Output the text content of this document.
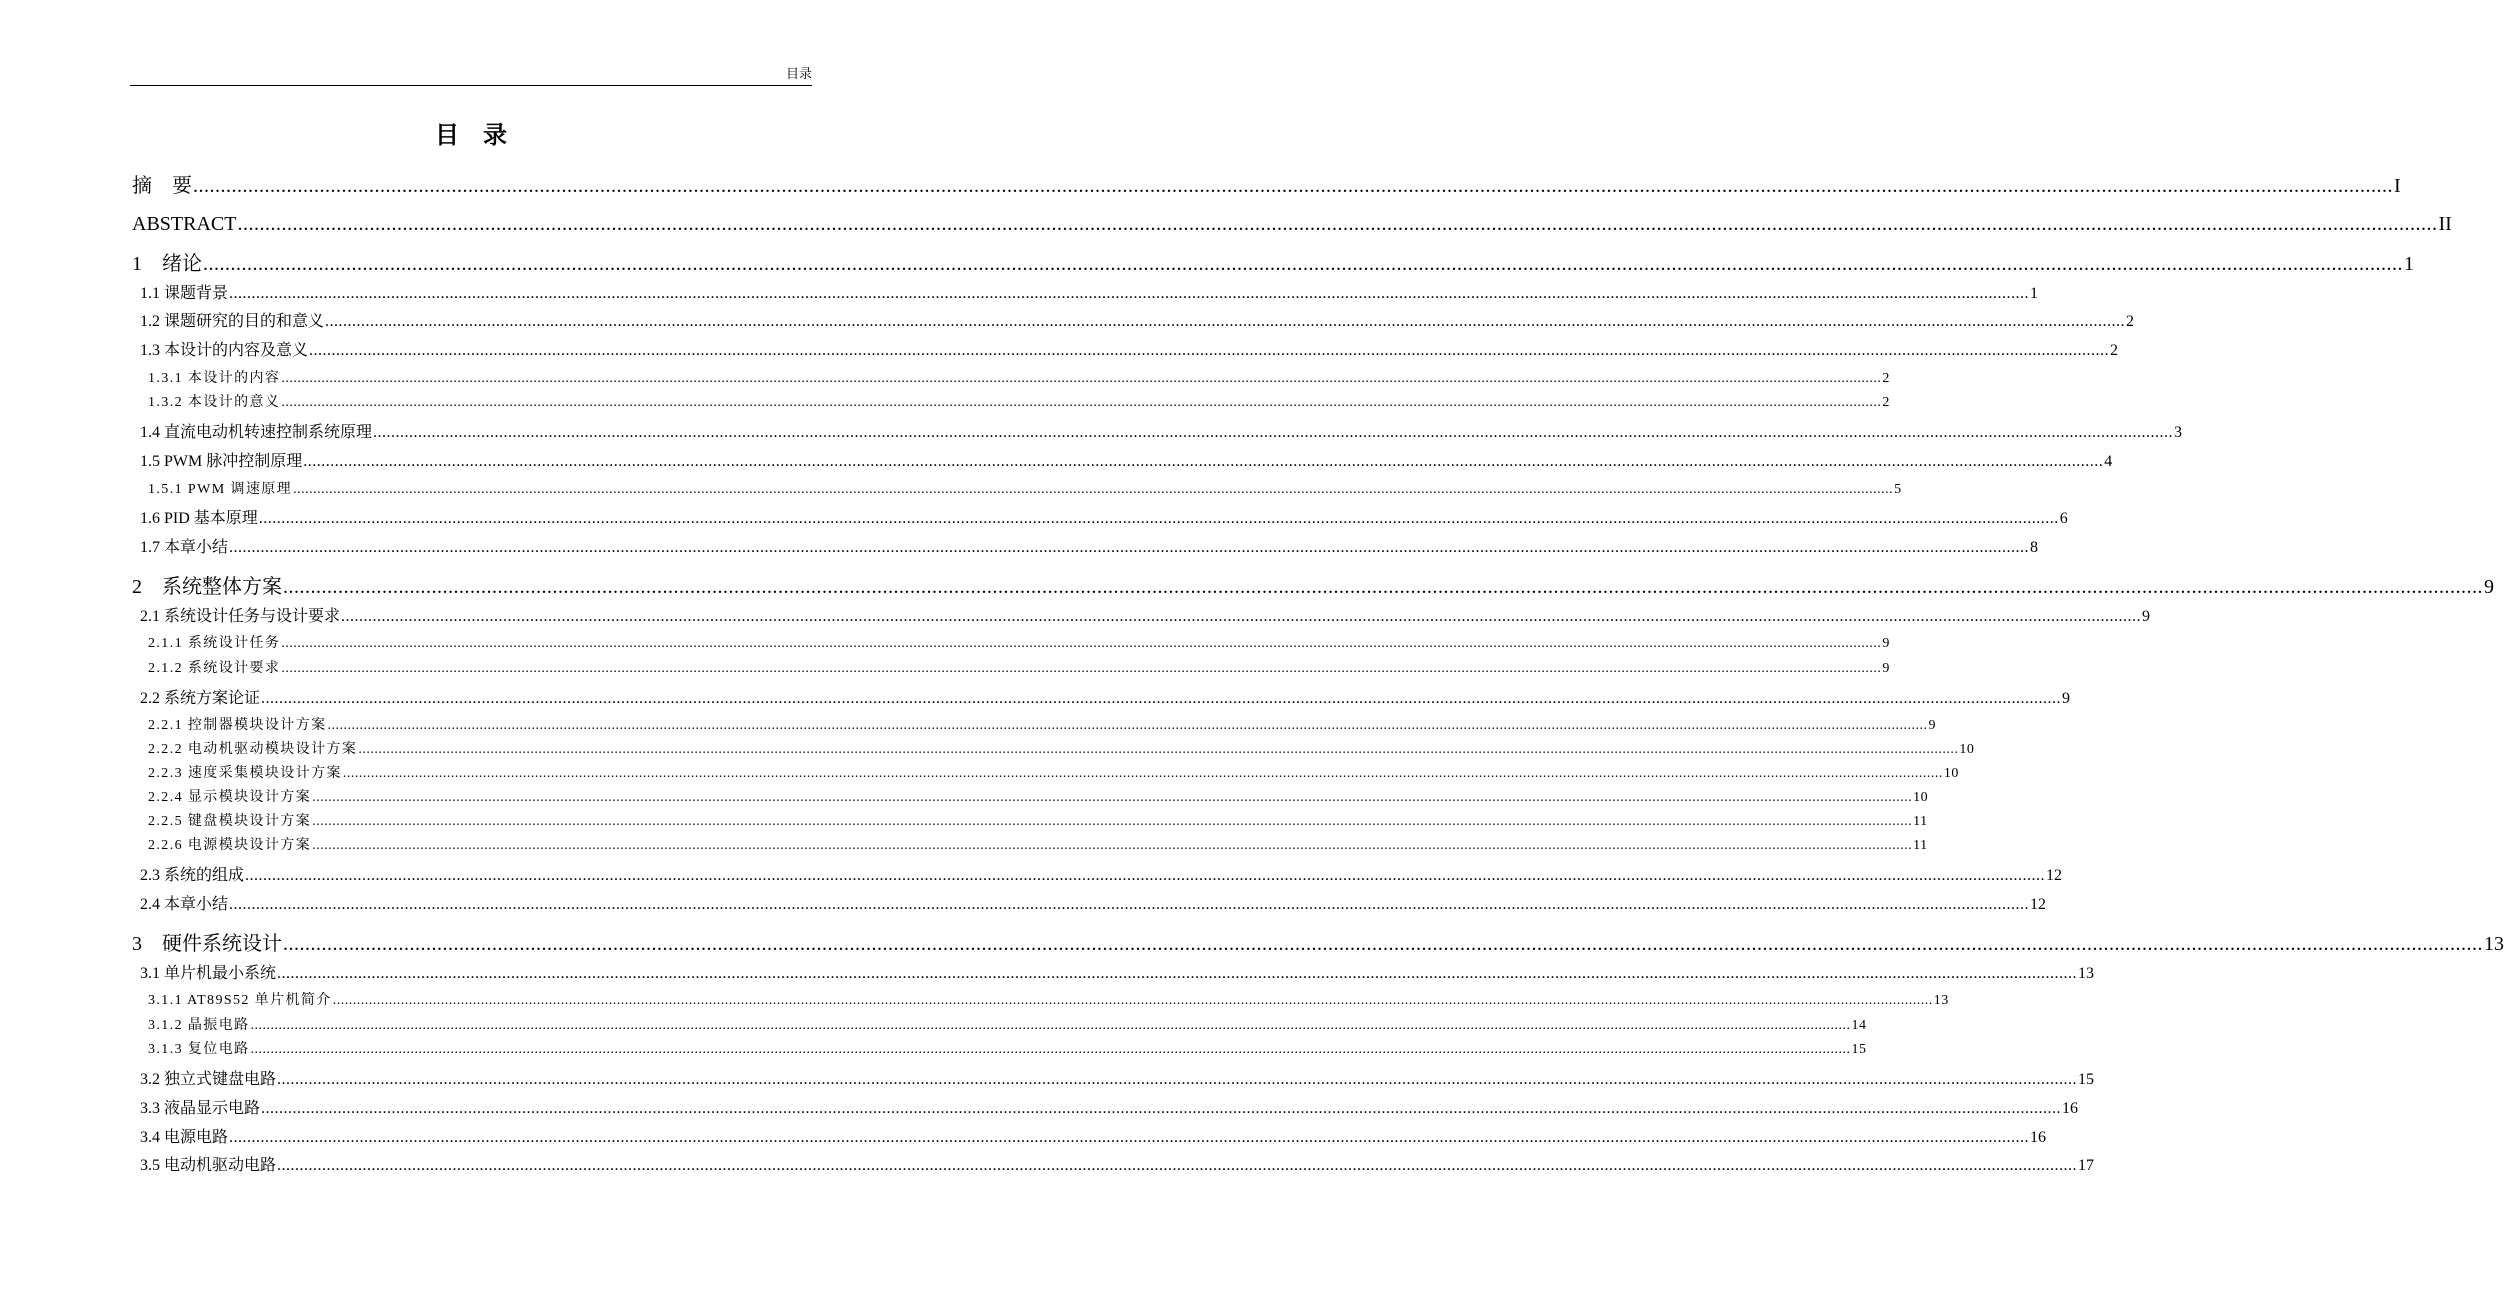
目录
目　录
摘　要 ................................................................................................................................................................................................................................................................................................................................................................................................................ I
ABSTRACT ................................................................................................................................................................................................................................................................................................................................................................................................................ II
1　绪论 ................................................................................................................................................................................................................................................................................................................................................................................................................ 1
1.1 课题背景 ................................................................................................................................................................................................................................................................................................................................................................................................................ 1
1.2 课题研究的目的和意义 ................................................................................................................................................................................................................................................................................................................................................................................................................ 2
1.3 本设计的内容及意义 ................................................................................................................................................................................................................................................................................................................................................................................................................ 2
1.3.1 本设计的内容 ................................................................................................................................................................................................................................................................................................................................................................................................................ 2
1.3.2 本设计的意义 ................................................................................................................................................................................................................................................................................................................................................................................................................ 2
1.4 直流电动机转速控制系统原理 ................................................................................................................................................................................................................................................................................................................................................................................................................ 3
1.5 PWM 脉冲控制原理 ................................................................................................................................................................................................................................................................................................................................................................................................................ 4
1.5.1 PWM 调速原理 ................................................................................................................................................................................................................................................................................................................................................................................................................ 5
1.6 PID 基本原理 ................................................................................................................................................................................................................................................................................................................................................................................................................ 6
1.7 本章小结 ................................................................................................................................................................................................................................................................................................................................................................................................................ 8
2　系统整体方案 ................................................................................................................................................................................................................................................................................................................................................................................................................ 9
2.1 系统设计任务与设计要求 ................................................................................................................................................................................................................................................................................................................................................................................................................ 9
2.1.1 系统设计任务 ................................................................................................................................................................................................................................................................................................................................................................................................................ 9
2.1.2 系统设计要求 ................................................................................................................................................................................................................................................................................................................................................................................................................ 9
2.2 系统方案论证 ................................................................................................................................................................................................................................................................................................................................................................................................................ 9
2.2.1 控制器模块设计方案 ................................................................................................................................................................................................................................................................................................................................................................................................................ 9
2.2.2 电动机驱动模块设计方案 ................................................................................................................................................................................................................................................................................................................................................................................................................ 10
2.2.3 速度采集模块设计方案 ................................................................................................................................................................................................................................................................................................................................................................................................................ 10
2.2.4 显示模块设计方案 ................................................................................................................................................................................................................................................................................................................................................................................................................ 10
2.2.5 键盘模块设计方案 ................................................................................................................................................................................................................................................................................................................................................................................................................ 11
2.2.6 电源模块设计方案 ................................................................................................................................................................................................................................................................................................................................................................................................................ 11
2.3 系统的组成 ................................................................................................................................................................................................................................................................................................................................................................................................................ 12
2.4 本章小结 ................................................................................................................................................................................................................................................................................................................................................................................................................ 12
3　硬件系统设计 ................................................................................................................................................................................................................................................................................................................................................................................................................ 13
3.1 单片机最小系统 ................................................................................................................................................................................................................................................................................................................................................................................................................ 13
3.1.1 AT89S52 单片机简介 ................................................................................................................................................................................................................................................................................................................................................................................................................ 13
3.1.2 晶振电路 ................................................................................................................................................................................................................................................................................................................................................................................................................ 14
3.1.3 复位电路 ................................................................................................................................................................................................................................................................................................................................................................................................................ 15
3.2 独立式键盘电路 ................................................................................................................................................................................................................................................................................................................................................................................................................ 15
3.3 液晶显示电路 ................................................................................................................................................................................................................................................................................................................................................................................................................ 16
3.4 电源电路 ................................................................................................................................................................................................................................................................................................................................................................................................................ 16
3.5 电动机驱动电路 ................................................................................................................................................................................................................................................................................................................................................................................................................ 17
